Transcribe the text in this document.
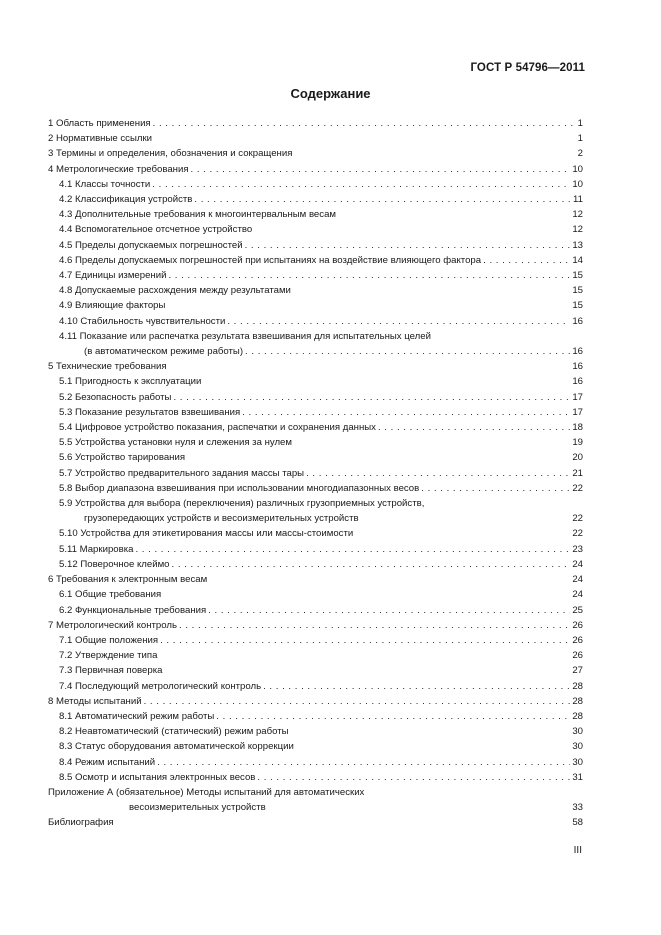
ГОСТ Р 54796—2011
Содержание
1 Область применения . . .	1
2 Нормативные ссылки . . .	1
3 Термины и определения, обозначения и сокращения . . .	2
4 Метрологические требования . . .	10
4.1 Классы точности . . .	10
4.2 Классификация устройств . . .	11
4.3 Дополнительные требования к многоинтервальным весам . . .	12
4.4 Вспомогательное отсчетное устройство . . .	12
4.5 Пределы допускаемых погрешностей . . .	13
4.6 Пределы допускаемых погрешностей при испытаниях на воздействие влияющего фактора . . .	14
4.7 Единицы измерений . . .	15
4.8 Допускаемые расхождения между результатами . . .	15
4.9 Влияющие факторы . . .	15
4.10 Стабильность чувствительности . . .	16
4.11 Показание или распечатка результата взвешивания для испытательных целей
(в автоматическом режиме работы) . . .	16
5 Технические требования . . .	16
5.1 Пригодность к эксплуатации . . .	16
5.2 Безопасность работы . . .	17
5.3 Показание результатов взвешивания . . .	17
5.4 Цифровое устройство показания, распечатки и сохранения данных . . .	18
5.5 Устройства установки нуля и слежения за нулем . . .	19
5.6 Устройство тарирования . . .	20
5.7 Устройство предварительного задания массы тары . . .	21
5.8 Выбор диапазона взвешивания при использовании многодиапазонных весов . . .	22
5.9 Устройства для выбора (переключения) различных грузоприемных устройств,
грузопередающих устройств и весоизмерительных устройств . . .	22
5.10 Устройства для этикетирования массы или массы-стоимости . . .	22
5.11 Маркировка . . .	23
5.12 Поверочное клеймо . . .	24
6 Требования к электронным весам . . .	24
6.1 Общие требования . . .	24
6.2 Функциональные требования . . .	25
7 Метрологический контроль . . .	26
7.1 Общие положения . . .	26
7.2 Утверждение типа . . .	26
7.3 Первичная поверка . . .	27
7.4 Последующий метрологический контроль . . .	28
8 Методы испытаний . . .	28
8.1 Автоматический режим работы . . .	28
8.2 Неавтоматический (статический) режим работы . . .	30
8.3 Статус оборудования автоматической коррекции . . .	30
8.4 Режим испытаний . . .	30
8.5 Осмотр и испытания электронных весов . . .	31
Приложение А (обязательное) Методы испытаний для автоматических
весоизмерительных устройств . . .	33
Библиография . . .	58
III
